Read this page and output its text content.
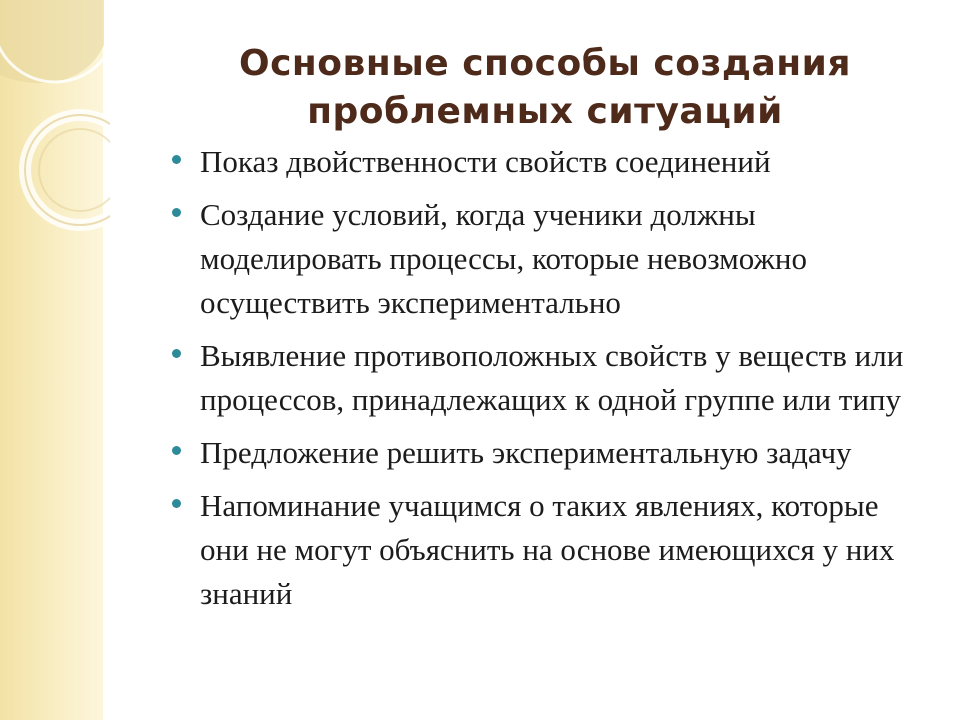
Основные способы создания
проблемных ситуаций
Показ двойственности свойств соединений
Создание условий, когда ученики должны моделировать процессы, которые невозможно осуществить экспериментально
Выявление противоположных свойств у веществ или процессов, принадлежащих к одной группе или типу
Предложение решить экспериментальную задачу
Напоминание учащимся о таких явлениях, которые они не могут объяснить на основе имеющихся у них знаний
